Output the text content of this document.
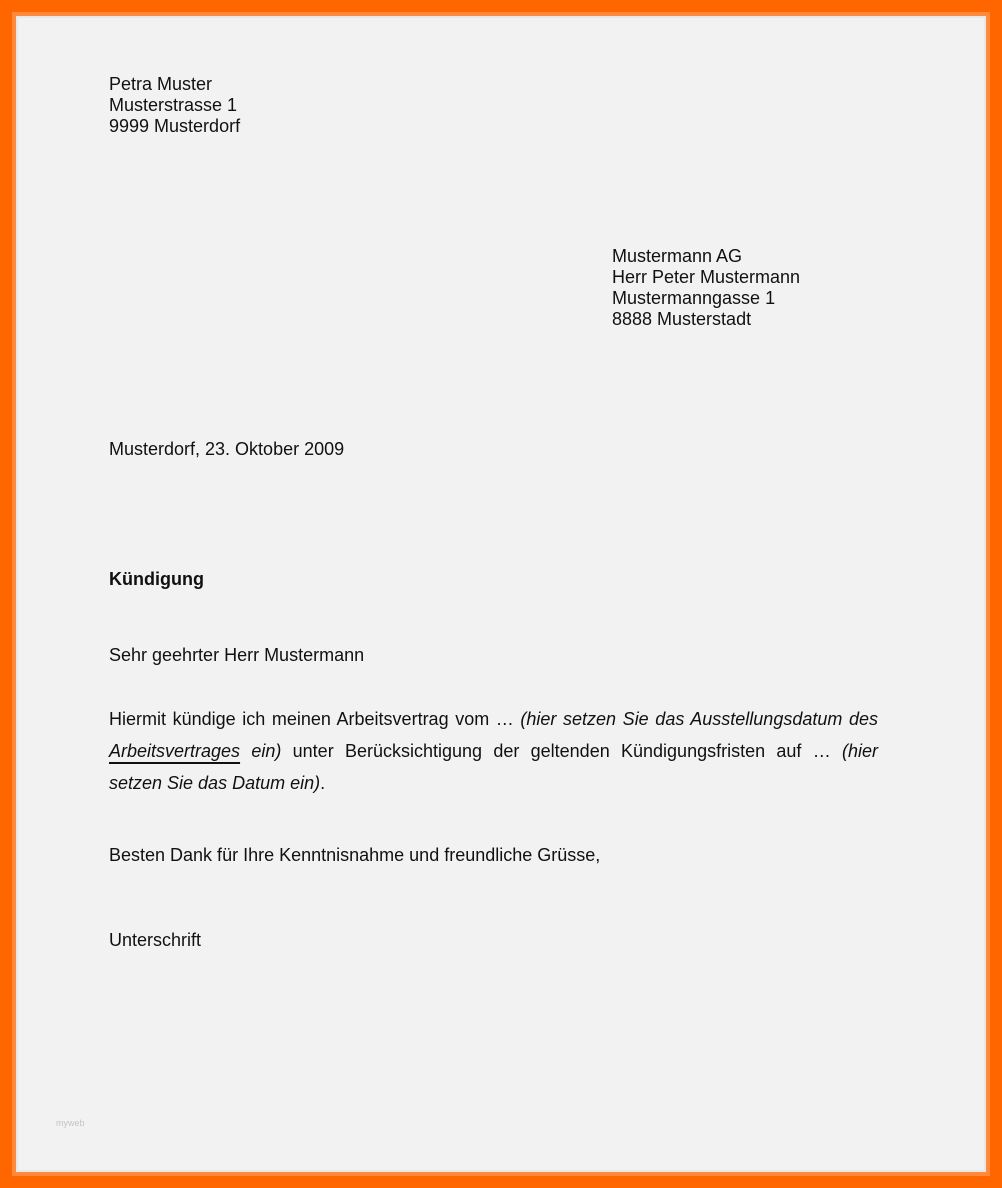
Petra Muster
Musterstrasse 1
9999 Musterdorf
Mustermann AG
Herr Peter Mustermann
Mustermanngasse 1
8888 Musterstadt

Musterdorf, 23. Oktober 2009

Kündigung

Sehr geehrter Herr Mustermann

Hiermit kündige ich meinen Arbeitsvertrag vom … (hier setzen Sie das Ausstellungsdatum des Arbeitsvertrages ein) unter Berücksichtigung der geltenden Kündigungsfristen auf … (hier setzen Sie das Datum ein).

Besten Dank für Ihre Kenntnisnahme und freundliche Grüsse,

Unterschrift

myweb
